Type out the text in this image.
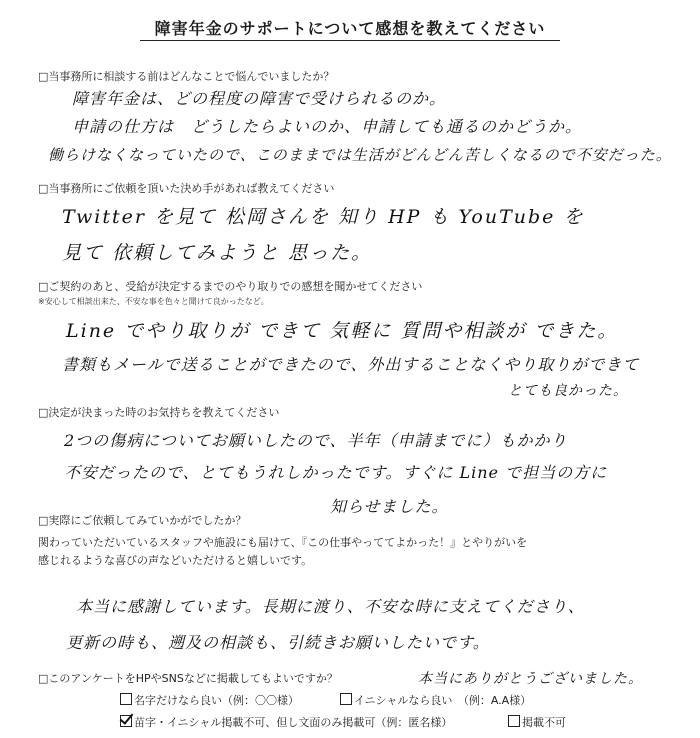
障害年金のサポートについて感想を教えてください
□当事務所に相談する前はどんなことで悩んでいましたか？
障害年金は、どの程度の障害で受けられるのか。
申請の仕方は　どうしたらよいのか、申請しても通るのかどうか。
働らけなくなっていたので、このままでは生活がどんどん苦しくなるので不安だった。
□当事務所にご依頼を頂いた決め手があれば教えてください
Twitter を見て 松岡さんを 知り HP も YouTube を
見て 依頼してみようと 思った。
□ご契約のあと、受給が決定するまでのやり取りでの感想を聞かせてください
※安心して相談出来た、不安な事を色々と聞けて良かったなど。
Line でやり取りが できて 気軽に 質問や相談が できた。
書類もメールで送ることができたので、外出することなくやり取りができて
とても良かった。
□決定が決まった時のお気持ちを教えてください
2つの傷病についてお願いしたので、半年（申請までに）もかかり
不安だったので、とてもうれしかったです。すぐに Line で担当の方に
知らせました。
□実際にご依頼してみていかがでしたか？
関わっていただいているスタッフや施設にも届けて、『この仕事やっててよかった！』とやりがいを
感じれるような喜びの声などいただけると嬉しいです。
本当に感謝しています。長期に渡り、不安な時に支えてくださり、
更新の時も、遡及の相談も、引続きお願いしたいです。
本当にありがとうございました。
□このアンケートをHPやSNSなどに掲載してもよいですか？
名字だけなら良い（例：〇〇様）	イニシャルなら良い　（例：A.A様）
苗字・イニシャル掲載不可、但し文面のみ掲載可（例：匿名様）	掲載不可
